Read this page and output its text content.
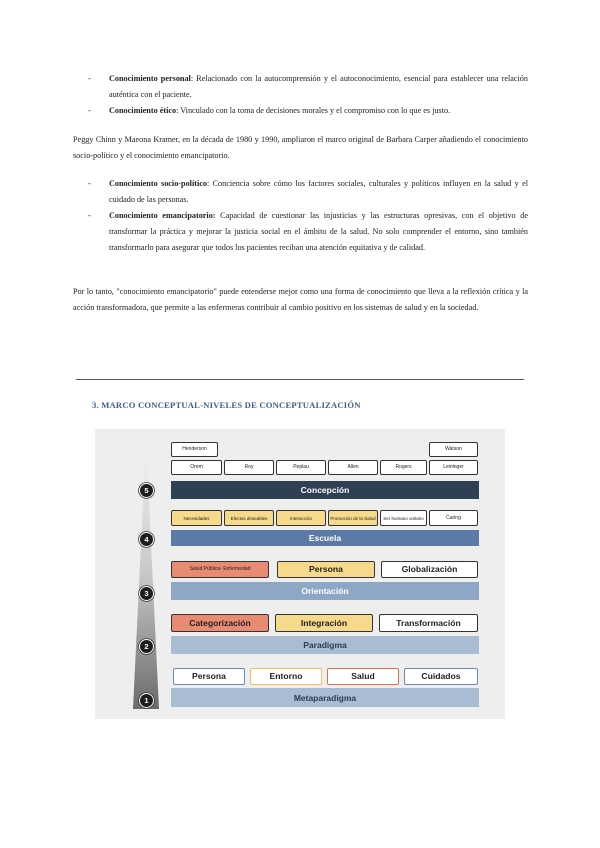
- Conocimiento personal: Relacionado con la autocomprensión y el autoconocimiento, esencial para establecer una relación auténtica con el paciente.
- Conocimiento ético: Vinculado con la toma de decisiones morales y el compromiso con lo que es justo.

Peggy Chinn y Maeona Kramer, en la década de 1980 y 1990, ampliaron el marco original de Barbara Carper añadiendo el conocimiento socio-político y el conocimiento emancipatorio.

- Conocimiento socio-político: Conciencia sobre cómo los factores sociales, culturales y políticos influyen en la salud y el cuidado de las personas.
- Conocimiento emancipatorio: Capacidad de cuestionar las injusticias y las estructuras opresivas, con el objetivo de transformar la práctica y mejorar la justicia social en el ámbito de la salud. No solo comprender el entorno, sino también transformarlo para asegurar que todos los pacientes reciban una atención equitativa y de calidad.

Por lo tanto, "conocimiento emancipatorio" puede entenderse mejor como una forma de conocimiento que lleva a la reflexión crítica y la acción transformadora, que permite a las enfermeras contribuir al cambio positivo en los sistemas de salud y en la sociedad.

3. MARCO CONCEPTUAL-NIVELES DE CONCEPTUALIZACIÓN
Henderson	Watson
Orem	Roy	Peplau	Allen	Rogers	Leininger
5	Concepción
Necesidades	Efectos deseables	Interacción	Promoción de la Salud	Ser humano unitario	Caring
4	Escuela
Salud Pública- Enfermedad	Persona	Globalización
3	Orientación
Categorización	Integración	Transformación
2	Paradigma
Persona	Entorno	Salud	Cuidados
1	Metaparadigma
